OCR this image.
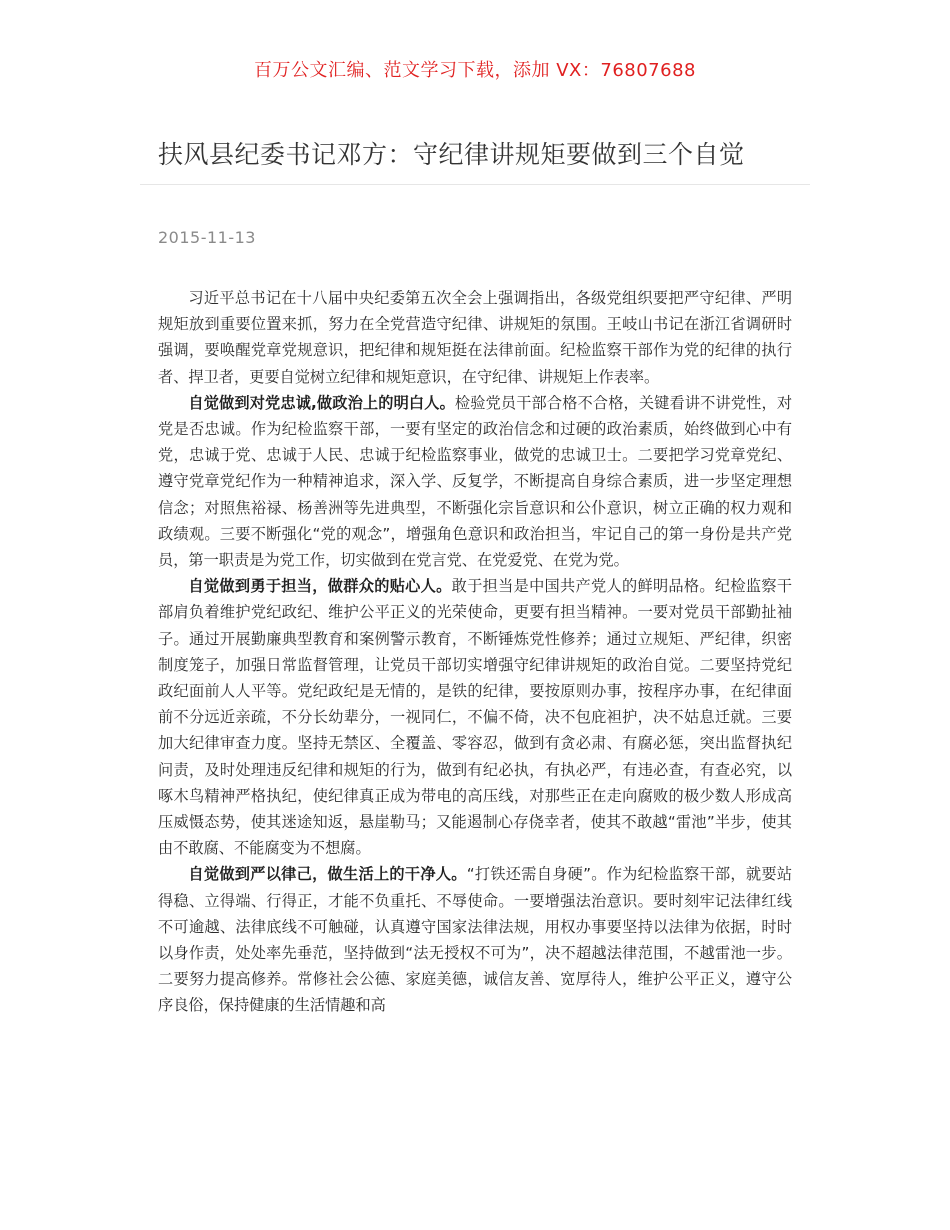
百万公文汇编、范文学习下载，添加 VX：76807688
扶风县纪委书记邓方：守纪律讲规矩要做到三个自觉
2015-11-13

习近平总书记在十八届中央纪委第五次全会上强调指出，各级党组织要把严守纪律、严明规矩放到重要位置来抓，努力在全党营造守纪律、讲规矩的氛围。王岐山书记在浙江省调研时强调，要唤醒党章党规意识，把纪律和规矩挺在法律前面。纪检监察干部作为党的纪律的执行者、捍卫者，更要自觉树立纪律和规矩意识，在守纪律、讲规矩上作表率。

自觉做到对党忠诚,做政治上的明白人。检验党员干部合格不合格，关键看讲不讲党性，对党是否忠诚。作为纪检监察干部，一要有坚定的政治信念和过硬的政治素质，始终做到心中有党，忠诚于党、忠诚于人民、忠诚于纪检监察事业，做党的忠诚卫士。二要把学习党章党纪、遵守党章党纪作为一种精神追求，深入学、反复学，不断提高自身综合素质，进一步坚定理想信念；对照焦裕禄、杨善洲等先进典型，不断强化宗旨意识和公仆意识，树立正确的权力观和政绩观。三要不断强化“党的观念”，增强角色意识和政治担当，牢记自己的第一身份是共产党员，第一职责是为党工作，切实做到在党言党、在党爱党、在党为党。

自觉做到勇于担当，做群众的贴心人。敢于担当是中国共产党人的鲜明品格。纪检监察干部肩负着维护党纪政纪、维护公平正义的光荣使命，更要有担当精神。一要对党员干部勤扯袖子。通过开展勤廉典型教育和案例警示教育，不断锤炼党性修养；通过立规矩、严纪律，织密制度笼子，加强日常监督管理，让党员干部切实增强守纪律讲规矩的政治自觉。二要坚持党纪政纪面前人人平等。党纪政纪是无情的，是铁的纪律，要按原则办事，按程序办事，在纪律面前不分远近亲疏，不分长幼辈分，一视同仁，不偏不倚，决不包庇袒护，决不姑息迁就。三要加大纪律审查力度。坚持无禁区、全覆盖、零容忍，做到有贪必肃、有腐必惩，突出监督执纪问责，及时处理违反纪律和规矩的行为，做到有纪必执，有执必严，有违必查，有查必究，以啄木鸟精神严格执纪，使纪律真正成为带电的高压线，对那些正在走向腐败的极少数人形成高压威慑态势，使其迷途知返，悬崖勒马；又能遏制心存侥幸者，使其不敢越“雷池”半步，使其由不敢腐、不能腐变为不想腐。

自觉做到严以律己，做生活上的干净人。“打铁还需自身硬”。作为纪检监察干部，就要站得稳、立得端、行得正，才能不负重托、不辱使命。一要增强法治意识。要时刻牢记法律红线不可逾越、法律底线不可触碰，认真遵守国家法律法规，用权办事要坚持以法律为依据，时时以身作责，处处率先垂范，坚持做到“法无授权不可为”，决不超越法律范围，不越雷池一步。二要努力提高修养。常修社会公德、家庭美德，诚信友善、宽厚待人，维护公平正义，遵守公序良俗，保持健康的生活情趣和高
